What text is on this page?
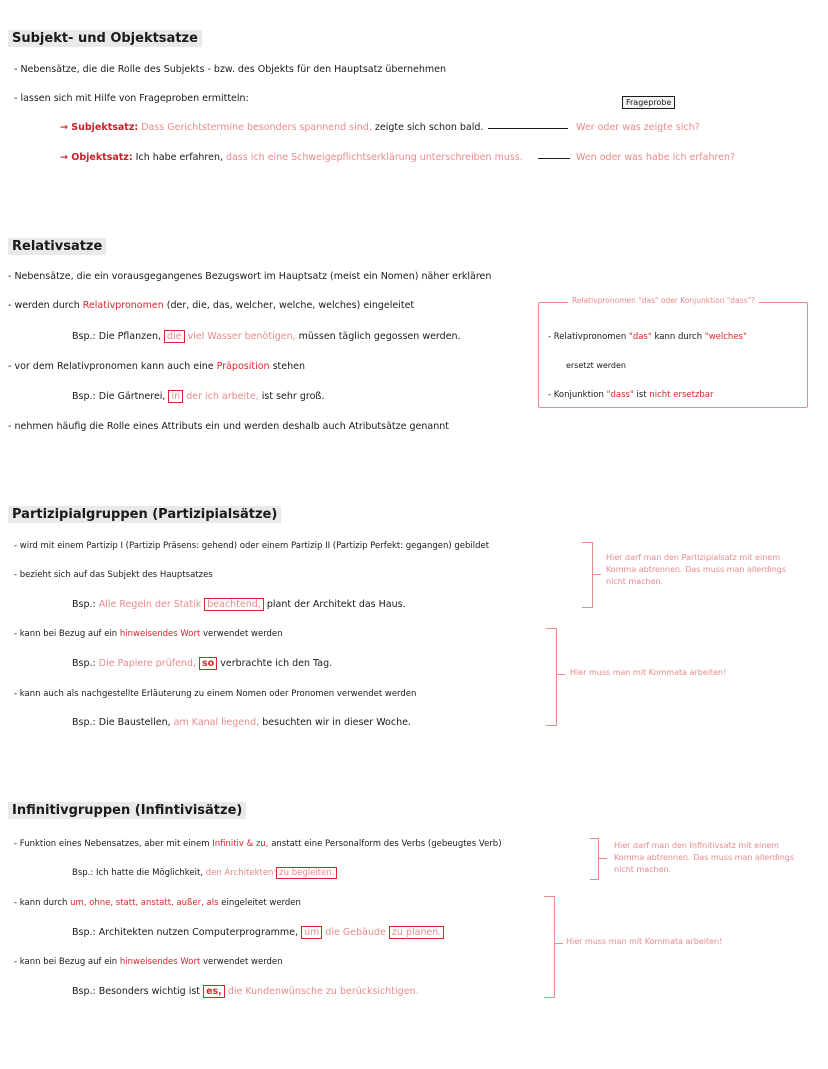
Subjekt- und Objektsatze
- Nebensätze, die die Rolle des Subjekts - bzw. des Objekts für den Hauptsatz übernehmen
- lassen sich mit Hilfe von Frageproben ermitteln:	Frageprobe
→ Subjektsatz: Dass Gerichtstermine besonders spannend sind, zeigte sich schon bald.	Wer oder was zeigte sich?
→ Objektsatz: Ich habe erfahren, dass ich eine Schweigepflichtserklärung unterschreiben muss.	Wen oder was habe ich erfahren?
Relativsatze
- Nebensätze, die ein vorausgegangenes Bezugswort im Hauptsatz (meist ein Nomen) näher erklären
- werden durch Relativpronomen (der, die, das, welcher, welche, welches) eingeleitet
Bsp.: Die Pflanzen, die viel Wasser benötigen, müssen täglich gegossen werden.
- vor dem Relativpronomen kann auch eine Präposition stehen
Bsp.: Die Gärtnerei, in der ich arbeite, ist sehr groß.
- nehmen häufig die Rolle eines Attributs ein und werden deshalb auch Atributsätze genannt
Relativpronomen "das" oder Konjunktion "dass"?
- Relativpronomen "das" kann durch "welches"
ersetzt werden
- Konjunktion "dass" ist nicht ersetzbar
Partizipialgruppen (Partizipialsätze)
- wird mit einem Partizip I (Partizip Präsens: gehend) oder einem Partizip II (Partizip Perfekt: gegangen) gebildet
- bezieht sich auf das Subjekt des Hauptsatzes
Bsp.: Alle Regeln der Statik beachtend, plant der Architekt das Haus.
- kann bei Bezug auf ein hinweisendes Wort verwendet werden
Bsp.: Die Papiere prüfend, so verbrachte ich den Tag.
- kann auch als nachgestellte Erläuterung zu einem Nomen oder Pronomen verwendet werden
Bsp.: Die Baustellen, am Kanal liegend, besuchten wir in dieser Woche.
Hier darf man den Partizipialsatz mit einem Komma abtrennen. Das muss man allerdings nicht machen.
Hier muss man mit Kommata arbeiten!
Infinitivgruppen (Infintivisätze)
- Funktion eines Nebensatzes, aber mit einem Infinitiv & zu, anstatt eine Personalform des Verbs (gebeugtes Verb)
Bsp.: Ich hatte die Möglichkeit, den Architekten zu begleiten.
- kann durch um, ohne, statt, anstatt, außer, als eingeleitet werden
Bsp.: Architekten nutzen Computerprogramme, um die Gebäude zu planen.
- kann bei Bezug auf ein hinweisendes Wort verwendet werden
Bsp.: Besonders wichtig ist es, die Kundenwünsche zu berücksichtigen.
Hier darf man den Infinitivsatz mit einem Komma abtrennen. Das muss man allerdings nicht machen.
Hier muss man mit Kommata arbeiten!
